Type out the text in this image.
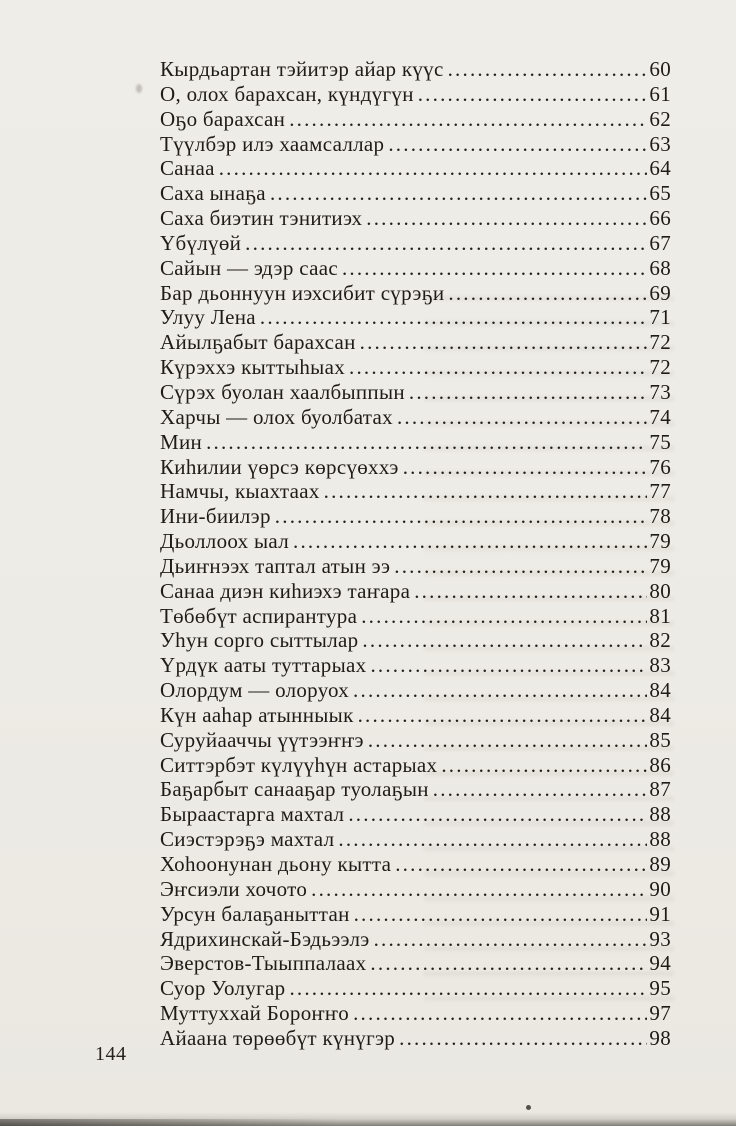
Кырдьартан тэйитэр айар күүс .....	60
О, олох барахсан, күндүгүн .....	61
Оҕо барахсан .....	62
Түүлбэр илэ хаамсаллар .....	63
Санаа .....	64
Саха ынаҕа .....	65
Саха биэтин тэнитиэх .....	66
Үбүлүөй .....	67
Сайын — эдэр саас .....	68
Бар дьоннуун иэхсибит сүрэҕи .....	69
Улуу Лена .....	71
Айылҕабыт барахсан .....	72
Күрэххэ кыттыһыах .....	72
Сүрэх буолан хаалбыппын .....	73
Харчы — олох буолбатах .....	74
Мин .....	75
Киһилии үөрсэ көрсүөххэ .....	76
Намчы, кыахтаах .....	77
Ини-биилэр .....	78
Дьоллоох ыал .....	79
Дьиҥнээх таптал атын ээ .....	79
Санаа диэн киһиэхэ таҥара .....	80
Төбөбүт аспирантура .....	81
Уһун сорго сыттылар .....	82
Үрдүк ааты туттарыах .....	83
Олордум — олоруох .....	84
Күн ааһар атынныык .....	84
Суруйааччы үүтээҥҥэ .....	85
Ситтэрбэт күлүүһүн астарыах .....	86
Баҕарбыт санааҕар туолаҕын .....	87
Быраастарга махтал .....	88
Сиэстэрэҕэ махтал .....	88
Хоһоонунан дьону кытта .....	89
Эҥсиэли хочото .....	90
Урсун балаҕаныттан .....	91
Ядрихинскай-Бэдьээлэ .....	93
Эверстов-Тыыппалаах .....	94
Суор Уолугар .....	95
Муттуххай Бороҥҥо .....	97
Айаана төрөөбүт күнүгэр .....	98
144
